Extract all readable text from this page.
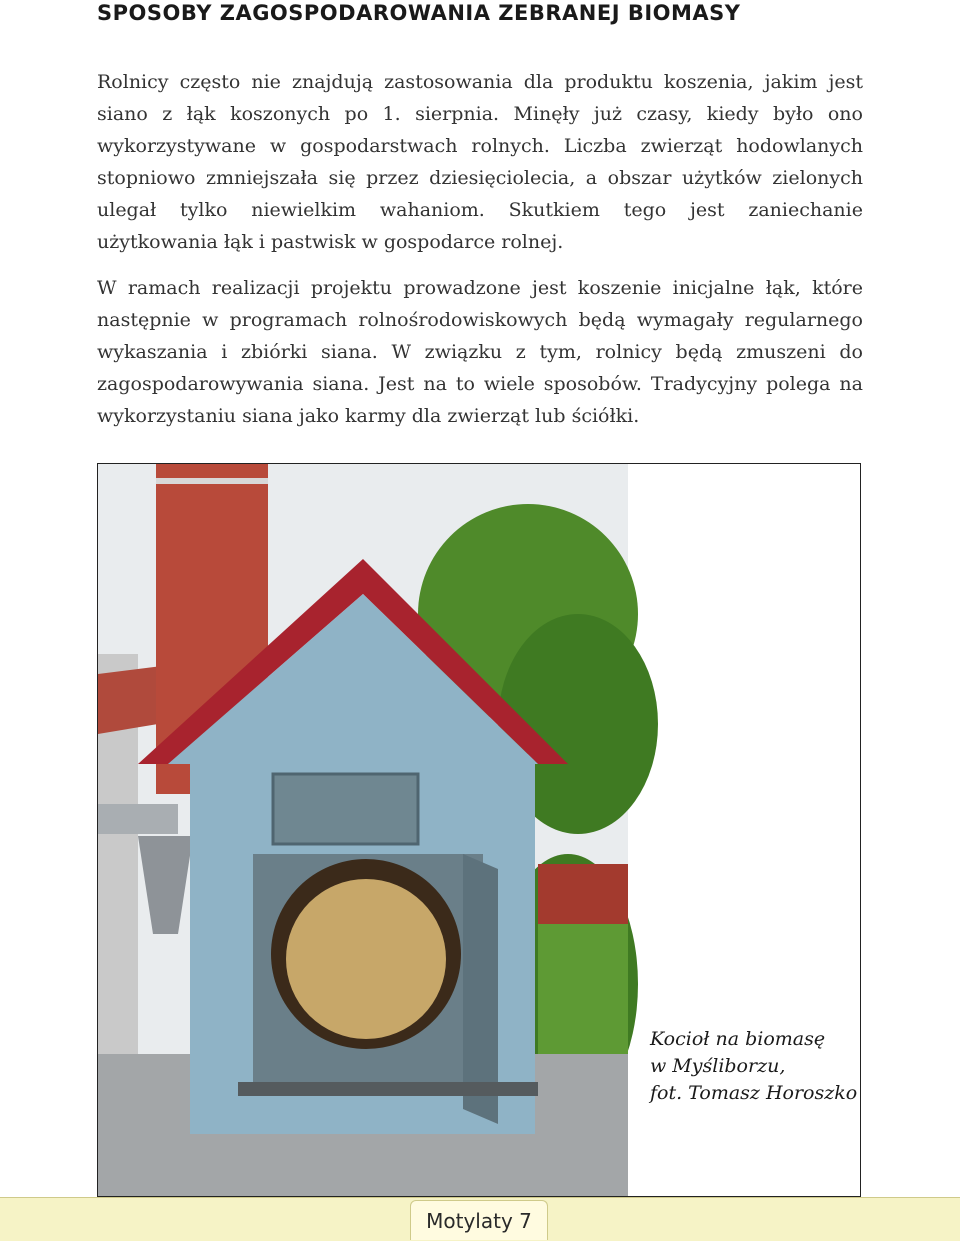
SPOSOBY ZAGOSPODAROWANIA ZEBRANEJ BIOMASY

Rolnicy często nie znajdują zastosowania dla produktu koszenia, jakim jest siano z łąk koszonych po 1. sierpnia. Minęły już czasy, kiedy było ono wykorzystywane w gospodarstwach rolnych. Liczba zwierząt hodowlanych stopniowo zmniejszała się przez dziesięciolecia, a obszar użytków zielonych ulegał tylko niewielkim wahaniom. Skutkiem tego jest zaniechanie użytkowania łąk i pastwisk w gospodarce rolnej.

W ramach realizacji projektu prowadzone jest koszenie inicjalne łąk, które następnie w programach rolnośrodowiskowych będą wymagały regularnego wykaszania i zbiórki siana. W związku z tym, rolnicy będą zmuszeni do zagospodarowywania siana. Jest na to wiele sposobów. Tradycyjny polega na wykorzystaniu siana jako karmy dla zwierząt lub ściółki.

Kocioł na biomasę
w Myśliborzu,
fot. Tomasz Horoszko
Motylaty 7
